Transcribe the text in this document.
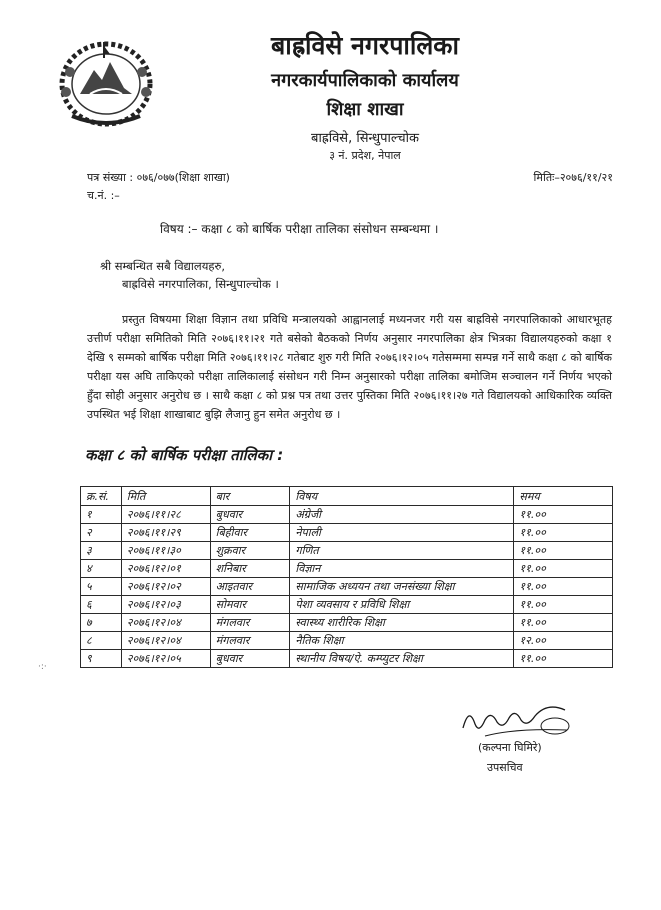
बाह्रविसे नगरपालिका
नगरकार्यपालिकाको कार्यालय
शिक्षा शाखा
बाह्रविसे, सिन्धुपाल्चोक
३ नं. प्रदेश, नेपाल
पत्र संख्या : ०७६/०७७(शिक्षा शाखा)
च.नं. :–
मितिः–२०७६/११/२१
विषय :– कक्षा ८ को बार्षिक परीक्षा तालिका संसोधन सम्बन्धमा ।
श्री सम्बन्धित सबै विद्यालयहरु,
बाह्रविसे नगरपालिका, सिन्धुपाल्चोक ।

प्रस्तुत विषयमा शिक्षा विज्ञान तथा प्रविधि मन्त्रालयको आह्वानलाई मध्यनजर गरी यस बाह्रविसे नगरपालिकाको आधारभूतह उत्तीर्ण परीक्षा समितिको मिति २०७६।११।२१ गते बसेको बैठकको निर्णय अनुसार नगरपालिका क्षेत्र भित्रका विद्यालयहरुको कक्षा १ देखि ९ सम्मको बार्षिक परीक्षा मिति २०७६।११।२८ गतेबाट शुरु गरी मिति २०७६।१२।०५ गतेसम्ममा सम्पन्न गर्ने साथै कक्षा ८ को बार्षिक परीक्षा यस अघि ताकिएको परीक्षा तालिकालाई संसोधन गरी निम्न अनुसारको परीक्षा तालिका बमोजिम सञ्चालन गर्ने निर्णय भएको हुँदा सोही अनुसार अनुरोध छ । साथै कक्षा ८ को प्रश्न पत्र तथा उत्तर पुस्तिका मिति २०७६।११।२७ गते विद्यालयको आधिकारिक व्यक्ति उपस्थित भई शिक्षा शाखाबाट बुझि लैजानु हुन समेत अनुरोध छ ।

कक्षा ८ को बार्षिक परीक्षा तालिका :
क्र.सं.	मिति	बार	विषय	समय
१	२०७६।११।२८	बुधवार	अंग्रेजी	११.००
२	२०७६।११।२९	बिहीवार	नेपाली	११.००
३	२०७६।११।३०	शुक्रवार	गणित	११.००
४	२०७६।१२।०१	शनिबार	विज्ञान	११.००
५	२०७६।१२।०२	आइतवार	सामाजिक अध्ययन तथा जनसंख्या शिक्षा	११.००
६	२०७६।१२।०३	सोमवार	पेशा व्यवसाय र प्रविधि शिक्षा	११.००
७	२०७६।१२।०४	मंगलवार	स्वास्थ्य शारीरिक शिक्षा	११.००
८	२०७६।१२।०४	मंगलवार	नैतिक शिक्षा	१२.००
९	२०७६।१२।०५	बुधवार	स्थानीय विषय/ऐ. कम्प्युटर शिक्षा	११.००
·:·
(कल्पना घिमिरे)
उपसचिव
